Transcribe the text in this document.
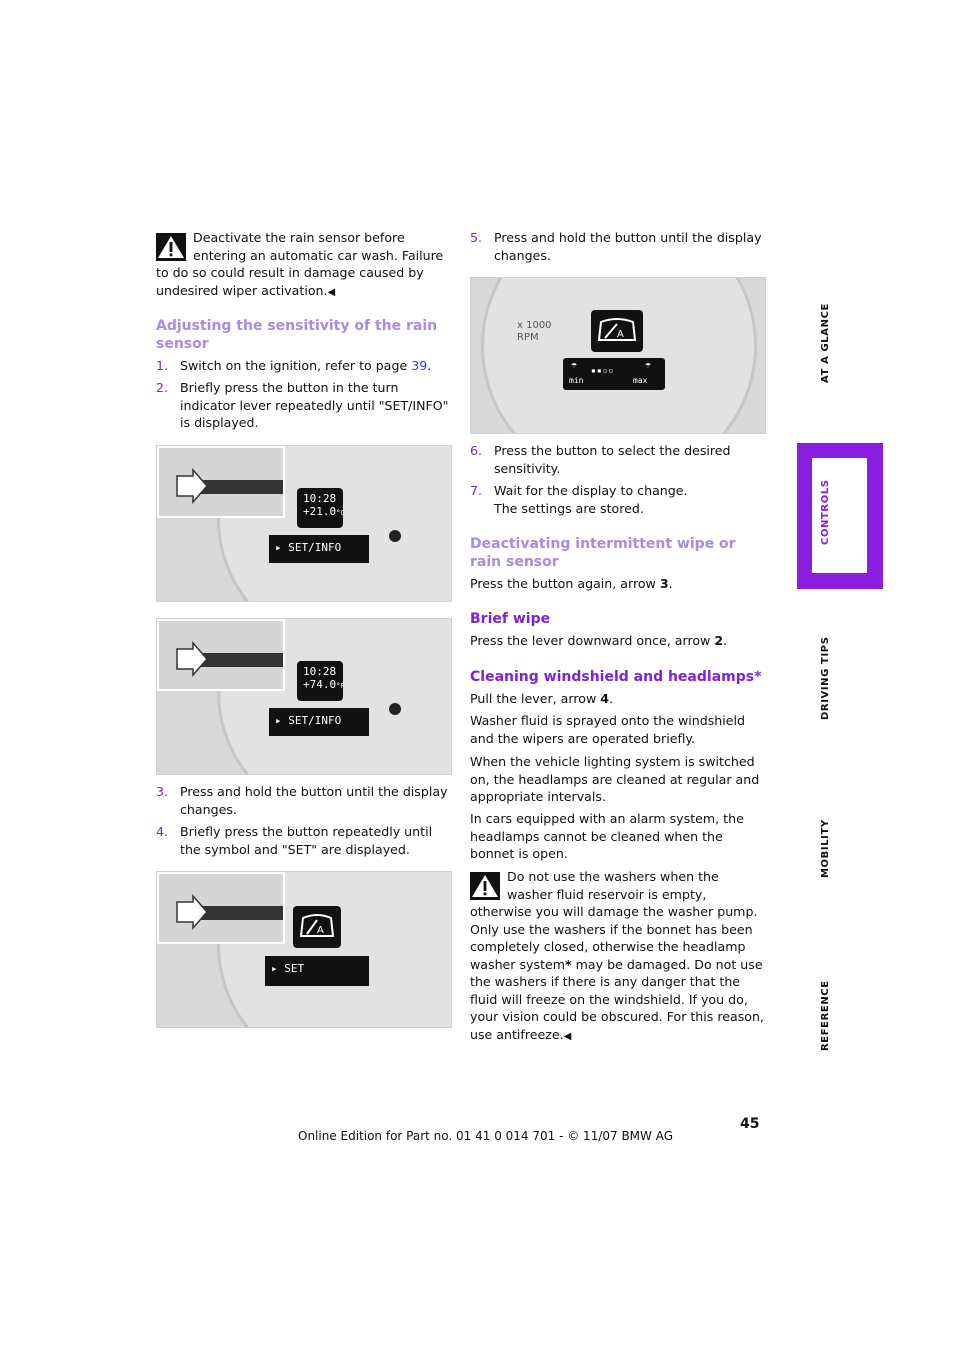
Deactivate the rain sensor before entering an automatic car wash. Failure to do so could result in damage caused by undesired wiper activation.◀
Adjusting the sensitivity of the rain sensor
1. Switch on the ignition, refer to page 39.
2. Briefly press the button in the turn indicator lever repeatedly until "SET/INFO" is displayed.
10:28
+21.0°C
▸ SET/INFO
10:28
+74.0°F
▸ SET/INFO
3. Press and hold the button until the display changes.
4. Briefly press the button repeatedly until the symbol and "SET" are displayed.
A
▸ SET
5. Press and hold the button until the display changes.
x 1000
RPM	A
☂ ▪▪▫▫	☂
min	max
6. Press the button to select the desired sensitivity.
7. Wait for the display to change.
The settings are stored.
Deactivating intermittent wipe or rain sensor
Press the button again, arrow 3.
Brief wipe
Press the lever downward once, arrow 2.
Cleaning windshield and headlamps*
Pull the lever, arrow 4.
Washer fluid is sprayed onto the windshield and the wipers are operated briefly.
When the vehicle lighting system is switched on, the headlamps are cleaned at regular and appropriate intervals.
In cars equipped with an alarm system, the headlamps cannot be cleaned when the bonnet is open.
Do not use the washers when the washer fluid reservoir is empty, otherwise you will damage the washer pump.
Only use the washers if the bonnet has been completely closed, otherwise the headlamp washer system* may be damaged. Do not use the washers if there is any danger that the fluid will freeze on the windshield. If you do, your vision could be obscured. For this reason, use antifreeze.◀
AT A GLANCE
CONTROLS
DRIVING TIPS
MOBILITY
REFERENCE
45
Online Edition for Part no. 01 41 0 014 701 - © 11/07 BMW AG
